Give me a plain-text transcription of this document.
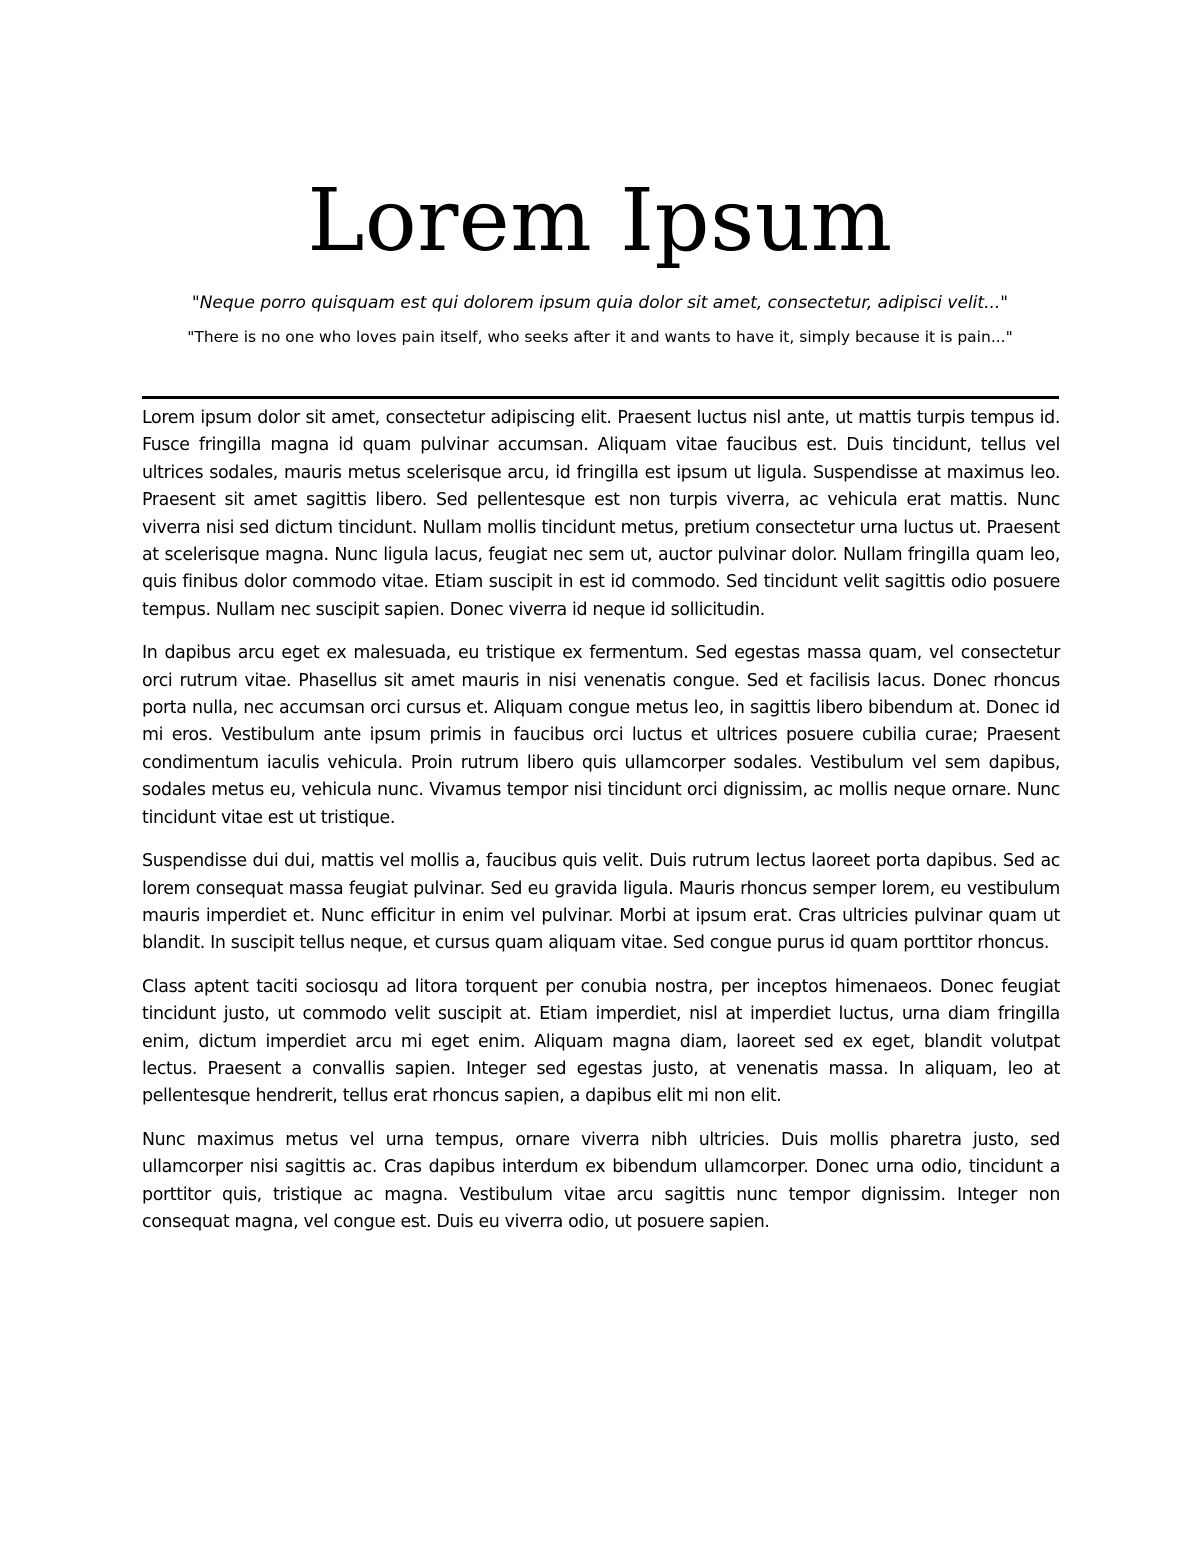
Lorem Ipsum

"Neque porro quisquam est qui dolorem ipsum quia dolor sit amet, consectetur, adipisci velit..."

"There is no one who loves pain itself, who seeks after it and wants to have it, simply because it is pain..."

Lorem ipsum dolor sit amet, consectetur adipiscing elit. Praesent luctus nisl ante, ut mattis turpis tempus id. Fusce fringilla magna id quam pulvinar accumsan. Aliquam vitae faucibus est. Duis tincidunt, tellus vel ultrices sodales, mauris metus scelerisque arcu, id fringilla est ipsum ut ligula. Suspendisse at maximus leo. Praesent sit amet sagittis libero. Sed pellentesque est non turpis viverra, ac vehicula erat mattis. Nunc viverra nisi sed dictum tincidunt. Nullam mollis tincidunt metus, pretium consectetur urna luctus ut. Praesent at scelerisque magna. Nunc ligula lacus, feugiat nec sem ut, auctor pulvinar dolor. Nullam fringilla quam leo, quis finibus dolor commodo vitae. Etiam suscipit in est id commodo. Sed tincidunt velit sagittis odio posuere tempus. Nullam nec suscipit sapien. Donec viverra id neque id sollicitudin.

In dapibus arcu eget ex malesuada, eu tristique ex fermentum. Sed egestas massa quam, vel consectetur orci rutrum vitae. Phasellus sit amet mauris in nisi venenatis congue. Sed et facilisis lacus. Donec rhoncus porta nulla, nec accumsan orci cursus et. Aliquam congue metus leo, in sagittis libero bibendum at. Donec id mi eros. Vestibulum ante ipsum primis in faucibus orci luctus et ultrices posuere cubilia curae; Praesent condimentum iaculis vehicula. Proin rutrum libero quis ullamcorper sodales. Vestibulum vel sem dapibus, sodales metus eu, vehicula nunc. Vivamus tempor nisi tincidunt orci dignissim, ac mollis neque ornare. Nunc tincidunt vitae est ut tristique.

Suspendisse dui dui, mattis vel mollis a, faucibus quis velit. Duis rutrum lectus laoreet porta dapibus. Sed ac lorem consequat massa feugiat pulvinar. Sed eu gravida ligula. Mauris rhoncus semper lorem, eu vestibulum mauris imperdiet et. Nunc efficitur in enim vel pulvinar. Morbi at ipsum erat. Cras ultricies pulvinar quam ut blandit. In suscipit tellus neque, et cursus quam aliquam vitae. Sed congue purus id quam porttitor rhoncus.

Class aptent taciti sociosqu ad litora torquent per conubia nostra, per inceptos himenaeos. Donec feugiat tincidunt justo, ut commodo velit suscipit at. Etiam imperdiet, nisl at imperdiet luctus, urna diam fringilla enim, dictum imperdiet arcu mi eget enim. Aliquam magna diam, laoreet sed ex eget, blandit volutpat lectus. Praesent a convallis sapien. Integer sed egestas justo, at venenatis massa. In aliquam, leo at pellentesque hendrerit, tellus erat rhoncus sapien, a dapibus elit mi non elit.

Nunc maximus metus vel urna tempus, ornare viverra nibh ultricies. Duis mollis pharetra justo, sed ullamcorper nisi sagittis ac. Cras dapibus interdum ex bibendum ullamcorper. Donec urna odio, tincidunt a porttitor quis, tristique ac magna. Vestibulum vitae arcu sagittis nunc tempor dignissim. Integer non consequat magna, vel congue est. Duis eu viverra odio, ut posuere sapien.
